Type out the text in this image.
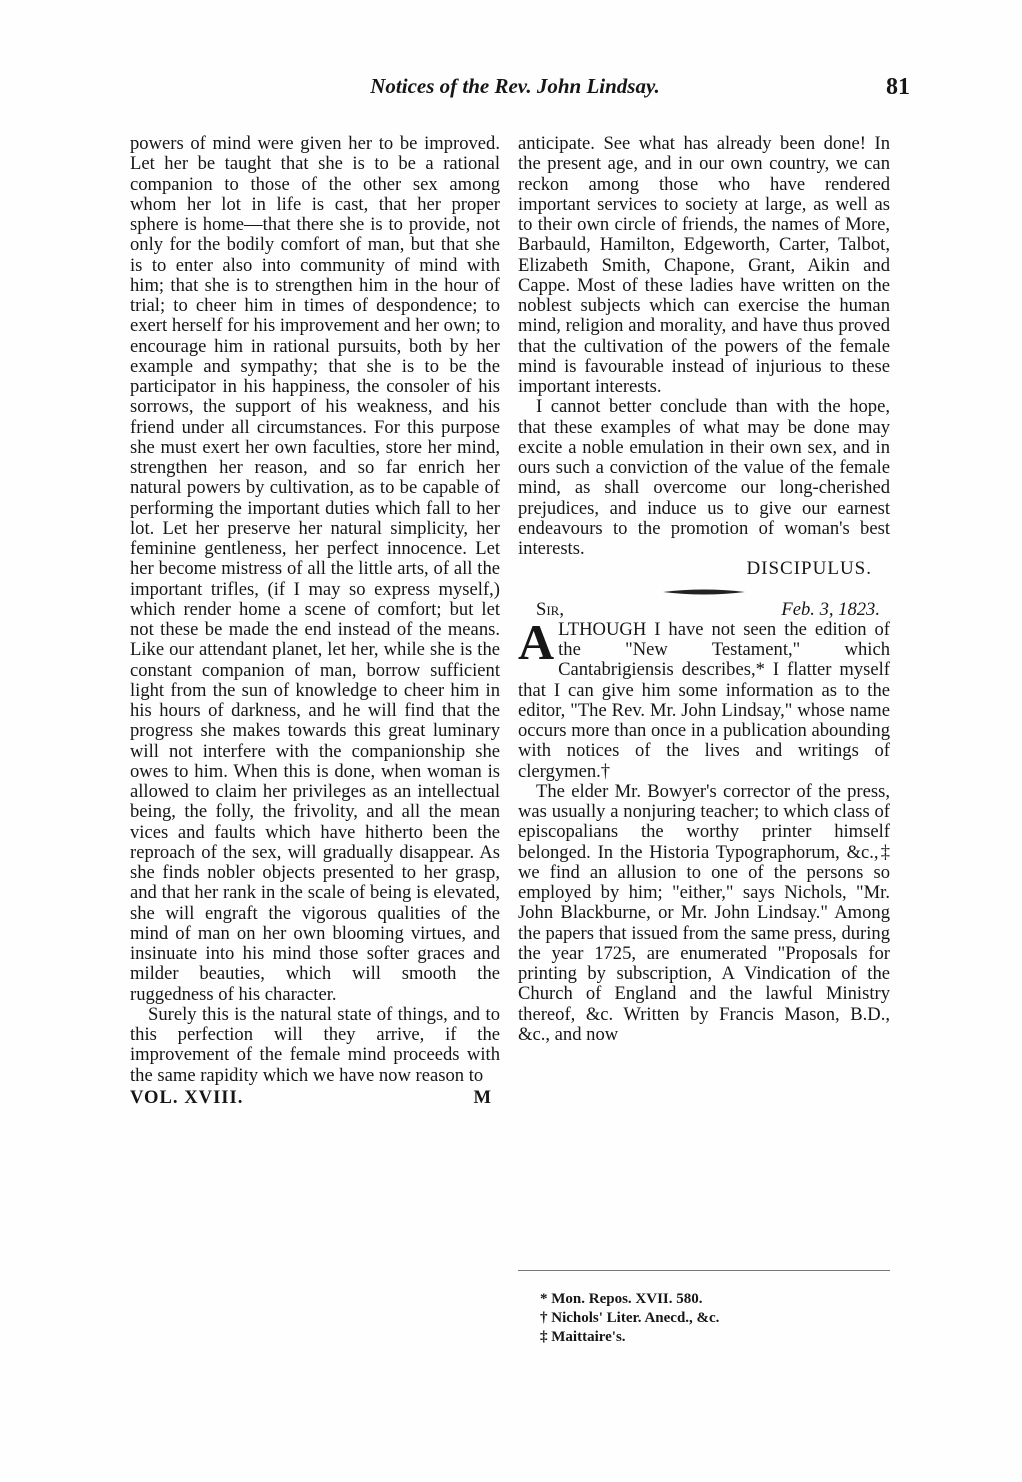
Notices of the Rev. John Lindsay.	81

powers of mind were given her to be improved. Let her be taught that she is to be a rational companion to those of the other sex among whom her lot in life is cast, that her proper sphere is home—that there she is to provide, not only for the bodily comfort of man, but that she is to enter also into community of mind with him; that she is to strengthen him in the hour of trial; to cheer him in times of despondence; to exert herself for his improvement and her own; to encourage him in rational pursuits, both by her example and sympathy; that she is to be the participator in his happiness, the consoler of his sorrows, the support of his weakness, and his friend under all circumstances. For this purpose she must exert her own faculties, store her mind, strengthen her reason, and so far enrich her natural powers by cultivation, as to be capable of performing the important duties which fall to her lot. Let her preserve her natural simplicity, her feminine gentleness, her perfect innocence. Let her become mistress of all the little arts, of all the important trifles, (if I may so express myself,) which render home a scene of comfort; but let not these be made the end instead of the means. Like our attendant planet, let her, while she is the constant companion of man, borrow sufficient light from the sun of knowledge to cheer him in his hours of darkness, and he will find that the progress she makes towards this great luminary will not interfere with the companionship she owes to him. When this is done, when woman is allowed to claim her privileges as an intellectual being, the folly, the frivolity, and all the mean vices and faults which have hitherto been the reproach of the sex, will gradually disappear. As she finds nobler objects presented to her grasp, and that her rank in the scale of being is elevated, she will engraft the vigorous qualities of the mind of man on her own blooming virtues, and insinuate into his mind those softer graces and milder beauties, which will smooth the ruggedness of his character.

Surely this is the natural state of things, and to this perfection will they arrive, if the improvement of the female mind proceeds with the same rapidity which we have now reason to

VOL. XVIII.	M

anticipate. See what has already been done! In the present age, and in our own country, we can reckon among those who have rendered important services to society at large, as well as to their own circle of friends, the names of More, Barbauld, Hamilton, Edgeworth, Carter, Talbot, Elizabeth Smith, Chapone, Grant, Aikin and Cappe. Most of these ladies have written on the noblest subjects which can exercise the human mind, religion and morality, and have thus proved that the cultivation of the powers of the female mind is favourable instead of injurious to these important interests.

I cannot better conclude than with the hope, that these examples of what may be done may excite a noble emulation in their own sex, and in ours such a conviction of the value of the female mind, as shall overcome our long-cherished prejudices, and induce us to give our earnest endeavours to the promotion of woman's best interests.

DISCIPULUS.

Sir,	Feb. 3, 1823.

ALTHOUGH I have not seen the edition of the "New Testament," which Cantabrigiensis describes,* I flatter myself that I can give him some information as to the editor, "The Rev. Mr. John Lindsay," whose name occurs more than once in a publication abounding with notices of the lives and writings of clergymen.†

The elder Mr. Bowyer's corrector of the press, was usually a nonjuring teacher; to which class of episcopalians the worthy printer himself belonged. In the Historia Typographorum, &c.,‡ we find an allusion to one of the persons so employed by him; "either," says Nichols, "Mr. John Blackburne, or Mr. John Lindsay." Among the papers that issued from the same press, during the year 1725, are enumerated "Proposals for printing by subscription, A Vindication of the Church of England and the lawful Ministry thereof, &c. Written by Francis Mason, B.D., &c., and now

* Mon. Repos. XVII. 580.

† Nichols' Liter. Anecd., &c.

‡ Maittaire's.
